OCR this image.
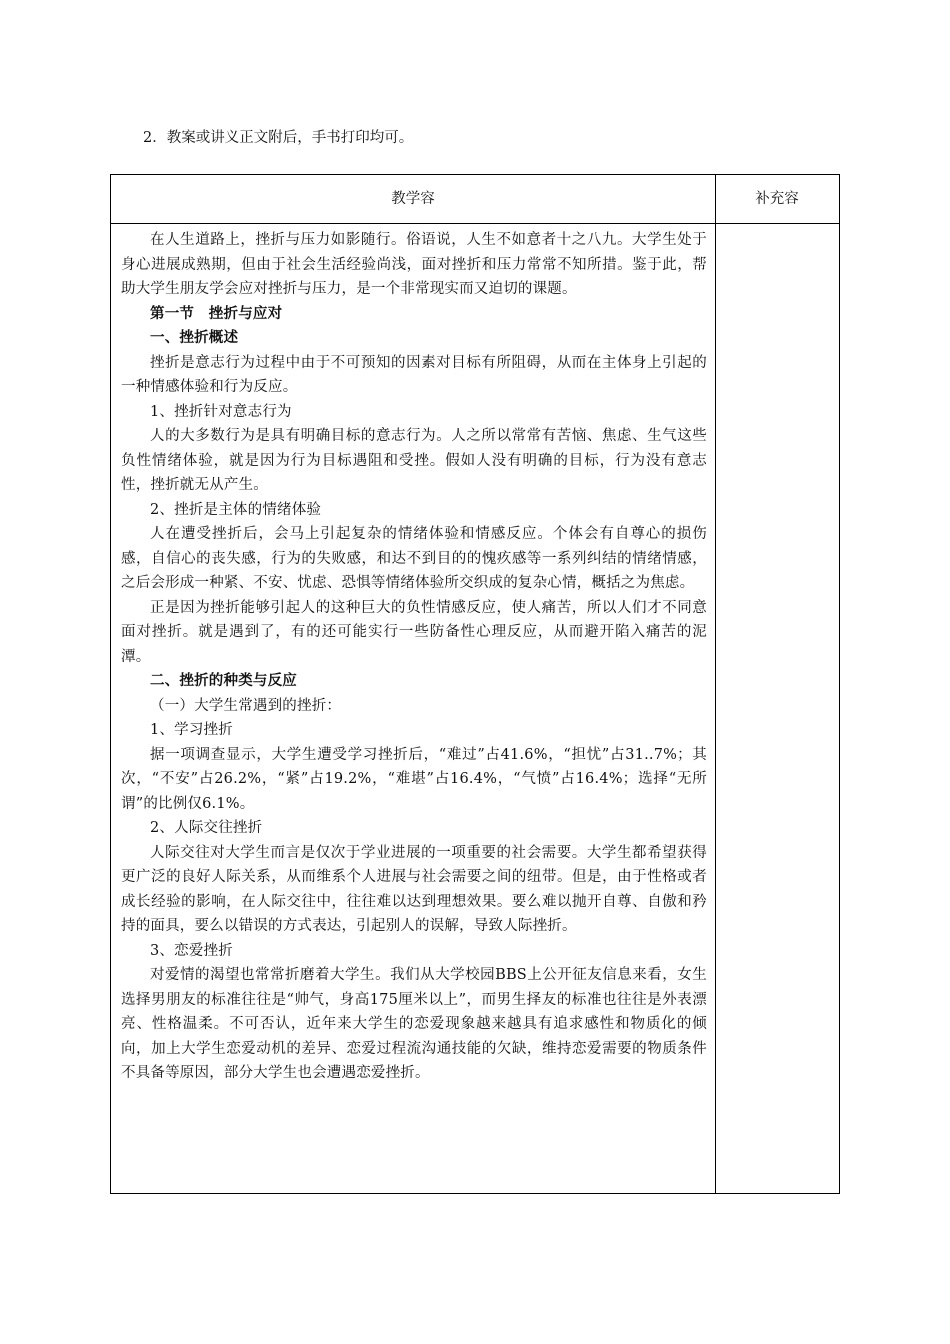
2．教案或讲义正文附后，手书打印均可。
教学容	补充容

在人生道路上，挫折与压力如影随行。俗语说，人生不如意者十之八九。大学生处于身心进展成熟期，但由于社会生活经验尚浅，面对挫折和压力常常不知所措。鉴于此，帮助大学生朋友学会应对挫折与压力，是一个非常现实而又迫切的课题。

第一节　挫折与应对

一、挫折概述

挫折是意志行为过程中由于不可预知的因素对目标有所阻碍，从而在主体身上引起的一种情感体验和行为反应。

1、挫折针对意志行为

人的大多数行为是具有明确目标的意志行为。人之所以常常有苦恼、焦虑、生气这些负性情绪体验，就是因为行为目标遇阻和受挫。假如人没有明确的目标，行为没有意志性，挫折就无从产生。

2、挫折是主体的情绪体验

人在遭受挫折后，会马上引起复杂的情绪体验和情感反应。个体会有自尊心的损伤感，自信心的丧失感，行为的失败感，和达不到目的的愧疚感等一系列纠结的情绪情感，之后会形成一种紧、不安、忧虑、恐惧等情绪体验所交织成的复杂心情，概括之为焦虑。

正是因为挫折能够引起人的这种巨大的负性情感反应，使人痛苦，所以人们才不同意面对挫折。就是遇到了，有的还可能实行一些防备性心理反应，从而避开陷入痛苦的泥潭。

二、挫折的种类与反应

（一）大学生常遇到的挫折：

1、学习挫折

据一项调查显示，大学生遭受学习挫折后，“难过”占41.6%，“担忧”占31..7%；其次，“不安”占26.2%，“紧”占19.2%，“难堪”占16.4%，“气愤”占16.4%；选择“无所谓”的比例仅6.1%。

2、人际交往挫折

人际交往对大学生而言是仅次于学业进展的一项重要的社会需要。大学生都希望获得更广泛的良好人际关系，从而维系个人进展与社会需要之间的纽带。但是，由于性格或者成长经验的影响，在人际交往中，往往难以达到理想效果。要么难以抛开自尊、自傲和矜持的面具，要么以错误的方式表达，引起别人的误解，导致人际挫折。

3、恋爱挫折

对爱情的渴望也常常折磨着大学生。我们从大学校园BBS上公开征友信息来看，女生选择男朋友的标准往往是“帅气，身高175厘米以上”，而男生择友的标准也往往是外表漂亮、性格温柔。不可否认，近年来大学生的恋爱现象越来越具有追求感性和物质化的倾向，加上大学生恋爱动机的差异、恋爱过程流沟通技能的欠缺，维持恋爱需要的物质条件不具备等原因，部分大学生也会遭遇恋爱挫折。
